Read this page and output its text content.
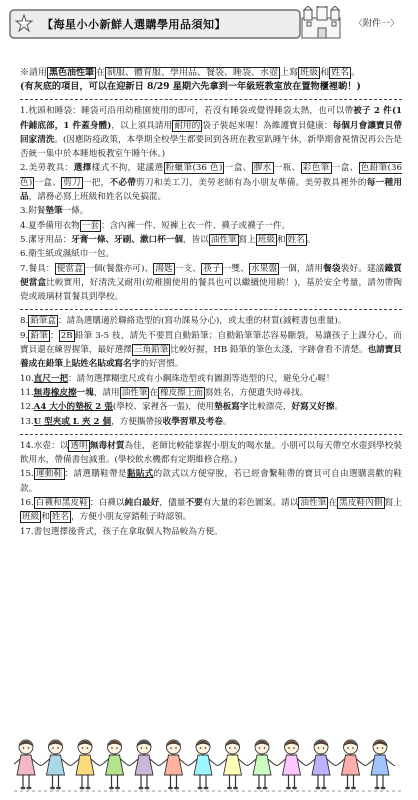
【海星小小新鮮人選購學用品須知】	〈附件一〉

※請用 黑色油性筆 在 制服、體育服、學用品、餐袋、睡袋、水壺 上寫 班級 和 姓名 。

(有灰底的項目，可以在迎新日 8/29 星期六先拿到一年級班教室放在置物櫃裡喲！)

1.枕頭和睡袋：睡袋可沿用幼稚園使用的即可，若沒有睡袋或覺得睡袋太熱，也可以帶被子 2 件(1 件鋪底部，1 件蓋身體)，以上須具請用 耐用的 袋子裝起來喔！為維護寶貝健康：每個月會讓寶貝帶回家清洗。(因應防疫政策，本學期全校學生都要回到各班在教室趴睡午休，新學期會視情況再公告是否統一集中於本睡地板教室午睡午休。)

2.美勞教具：選擇樣式不拘，建議選 粉蠟筆(36 色) 一盒、 膠水 一瓶、 彩色筆 一盒、 色鉛筆(36 色) 一盒、 剪刀 一把，不必帶剪刀和美工刀，美勞老師有為小朋友準備。美勞教具裡外的每一種用品，請務必寫上班級和姓名以免搞混。

3.附餐墊筆一條。

4.夏季備用衣物 一套 ：含內褲一件、短褲上衣一件、襪子或襪子一件。

5.潔牙用品：牙膏一條、牙刷、漱口杯一個，皆以 油性筆 寫上 班級 和 姓名 。

6.衛生紙或濕紙巾一包。

7.餐具： 便當盒 一個(餐盤亦可)、 湯匙 一支、 筷子 一雙、 水果盤 一個，請用餐袋裝好。建議鐵質便當盒比較實用，好清洗又耐用(幼稚園使用的餐具也可以繼續使用喲！)，基於安全考量，請勿帶陶瓷或玻璃材質餐具到學校。

8. 鉛筆盒 ：請為選購適於聯絡造型的(寫功課易分心)，或太重的材質(減輕書包重量)。

9. 鉛筆 ： 2B 鉛筆 3-5 枝，請先不要買自動鉛筆；自動鉛筆筆芯容易斷裂，易讓孩子上課分心，而寶貝還在練習握筆，最好選擇 三角鉛筆 比較好握，HB 鉛筆的筆色太淺，字跡會看不清楚。也請寶貝養成在鉛筆上貼姓名貼或寫名字的好習慣。

10.直尺一把：請勿選擇糊塗尺或有小鋼珠造型或有圖測等造型的尺，避免分心喔！

11.無毒橡皮擦一塊，請用 油性筆 在 橡皮擦上面 寫姓名，方便遺失時尋找。

12.A4 大小的墊板 2 張(學校、家裡各一張)，使用墊板寫字比較漂亮，好寫又好擦。

13.U 型夾或 L 夾 2 個，方便攜帶接收學習單及考卷。

14.水壺：以 透明 無毒材質為佳，老師比較能掌握小朋友的喝水量。小朋可以每天帶空水壺到學校裝飲用水，帶備書包減重。(學校飲水機都有定期維修合格。)

15. 運動鞋 ：請選購鞋帶是黏貼式的款式以方便穿脫，若已經會繫鞋帶的寶貝可自由選購喜歡的鞋款。

16. 白襪和黑皮鞋 ：白襪以純白最好，儘量不要有大量的彩色圖案。請以 油性筆 在 黑皮鞋內側 寫上班級 和 姓名 ，方便小朋友穿錯鞋子時認領。

17.書包選擇後背式，孩子在拿取個人物品較為方便。
